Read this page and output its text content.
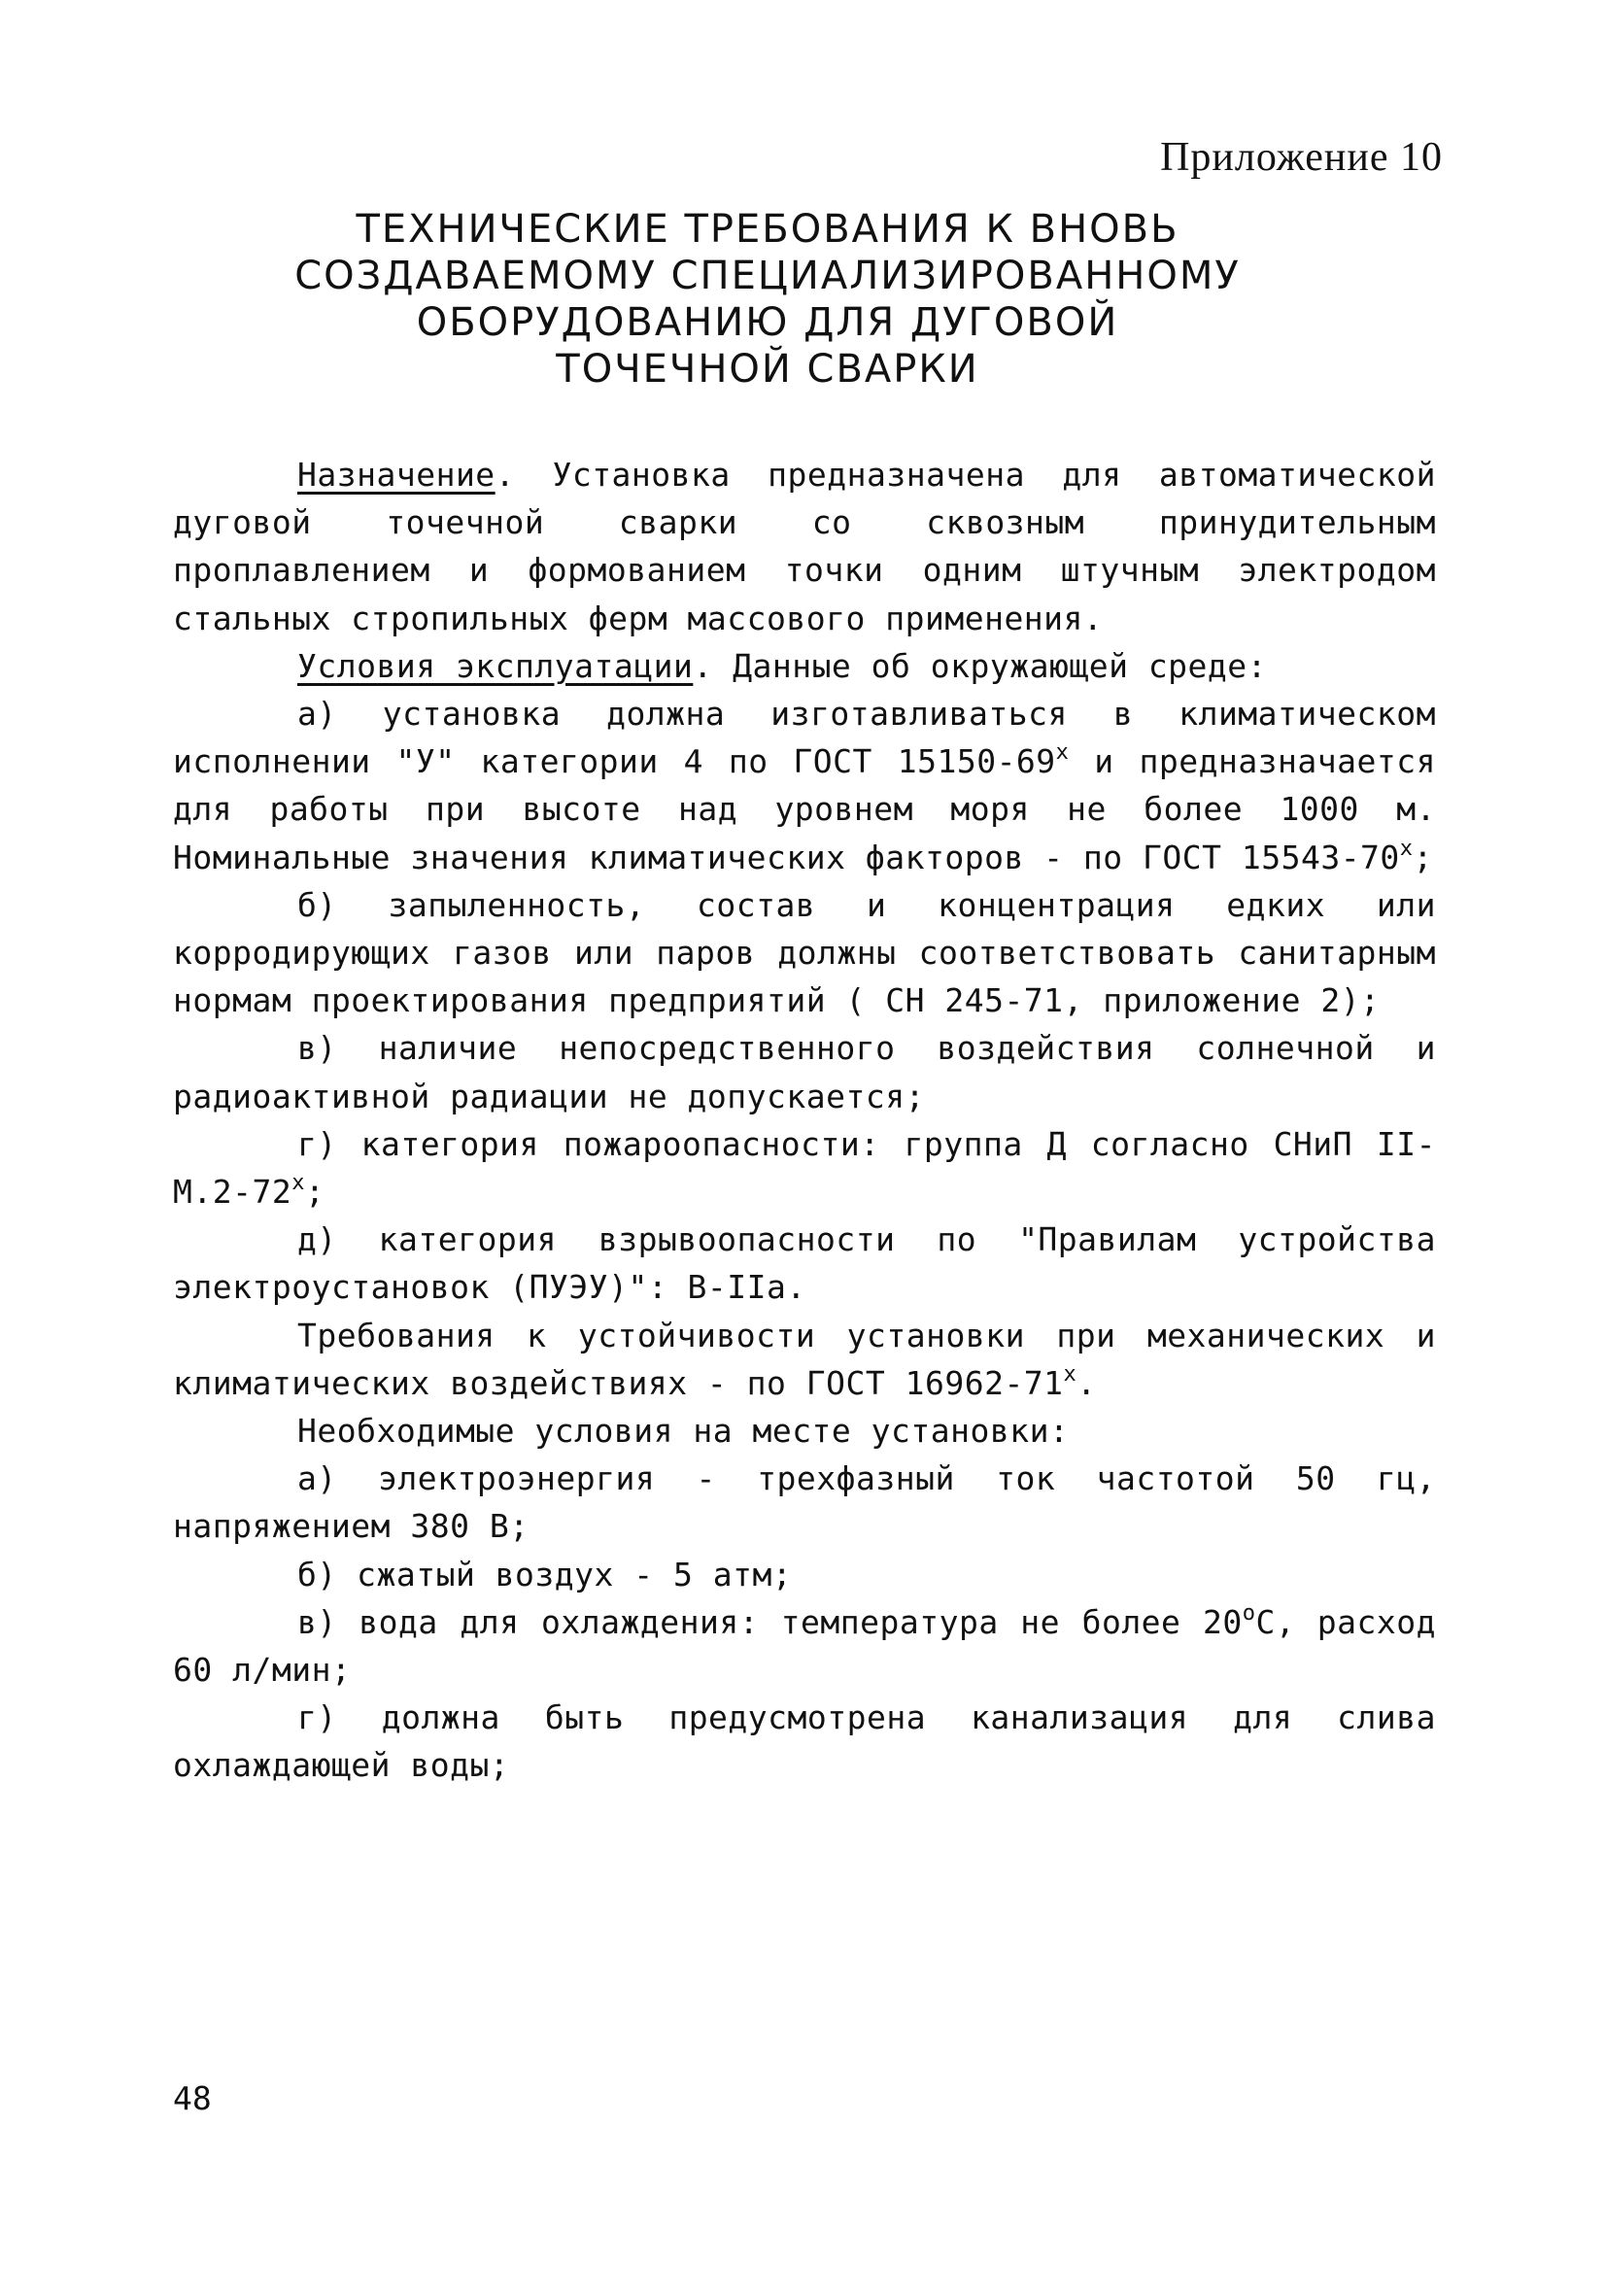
Приложение 10
ТЕХНИЧЕСКИЕ ТРЕБОВАНИЯ К ВНОВЬ
СОЗДАВАЕМОМУ СПЕЦИАЛИЗИРОВАННОМУ
ОБОРУДОВАНИЮ ДЛЯ ДУГОВОЙ
ТОЧЕЧНОЙ СВАРКИ

Назначение. Установка предназначена для автоматической дуговой точечной сварки со сквозным принудительным проплавлением и формованием точки одним штучным электродом стальных стропильных ферм массового применения.

Условия эксплуатации. Данные об окружающей среде:

а) установка должна изготавливаться в климатическом исполнении "У" категории 4 по ГОСТ $15150-69^х$ и предназначается для работы при высоте над уровнем моря не более 1000 м. Номинальные значения климатических факторов - по ГОСТ $15543-70^х$;

б) запыленность, состав и концентрация едких или корродирующих газов или паров должны соответствовать санитарным нормам проектирования предприятий ( СН 245-71, приложение 2);

в) наличие непосредственного воздействия солнечной и радиоактивной радиации не допускается;

г) категория пожароопасности: группа Д согласно СНиП $II-М.2-72^х$;

д) категория взрывоопасности по "Правилам устройства электроустановок (ПУЭУ)": В-IIа.

Требования к устойчивости установки при механических и климатических воздействиях - по ГОСТ $16962-71^х$.

Необходимые условия на месте установки:

а) электроэнергия - трехфазный ток частотой 50 гц, напряжением 380 В;

б) сжатый воздух - 5 атм;

в) вода для охлаждения: температура не более $20^оС$, расход 60 л/мин;

г) должна быть предусмотрена канализация для слива охлаждающей воды;

48
